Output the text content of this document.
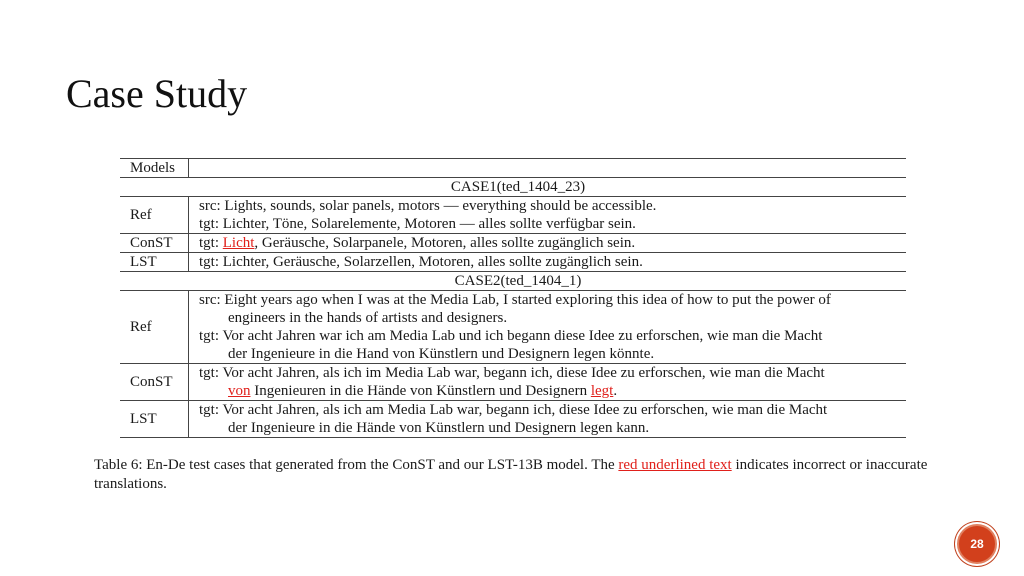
Case Study
Models	
CASE1(ted_1404_23)	
Ref	src: Lights, sounds, solar panels, motors — everything should be accessible.
tgt: Lichter, Töne, Solarelemente, Motoren — alles sollte verfügbar sein.

ConST	tgt: Licht, Geräusche, Solarpanele, Motoren, alles sollte zugänglich sein.

LST	tgt: Lichter, Geräusche, Solarzellen, Motoren, alles sollte zugänglich sein.

CASE2(ted_1404_1)	
Ref	src: Eight years ago when I was at the Media Lab, I started exploring this idea of how to put the power of
engineers in the hands of artists and designers.
tgt: Vor acht Jahren war ich am Media Lab und ich begann diese Idee zu erforschen, wie man die Macht
der Ingenieure in die Hand von Künstlern und Designern legen könnte.

ConST	tgt: Vor acht Jahren, als ich im Media Lab war, begann ich, diese Idee zu erforschen, wie man die Macht
von Ingenieuren in die Hände von Künstlern und Designern legt.

LST	tgt: Vor acht Jahren, als ich am Media Lab war, begann ich, diese Idee zu erforschen, wie man die Macht
der Ingenieure in die Hände von Künstlern und Designern legen kann.

Table 6: En-De test cases that generated from the ConST and our LST-13B model. The red underlined text indicates incorrect or inaccurate translations.

28
